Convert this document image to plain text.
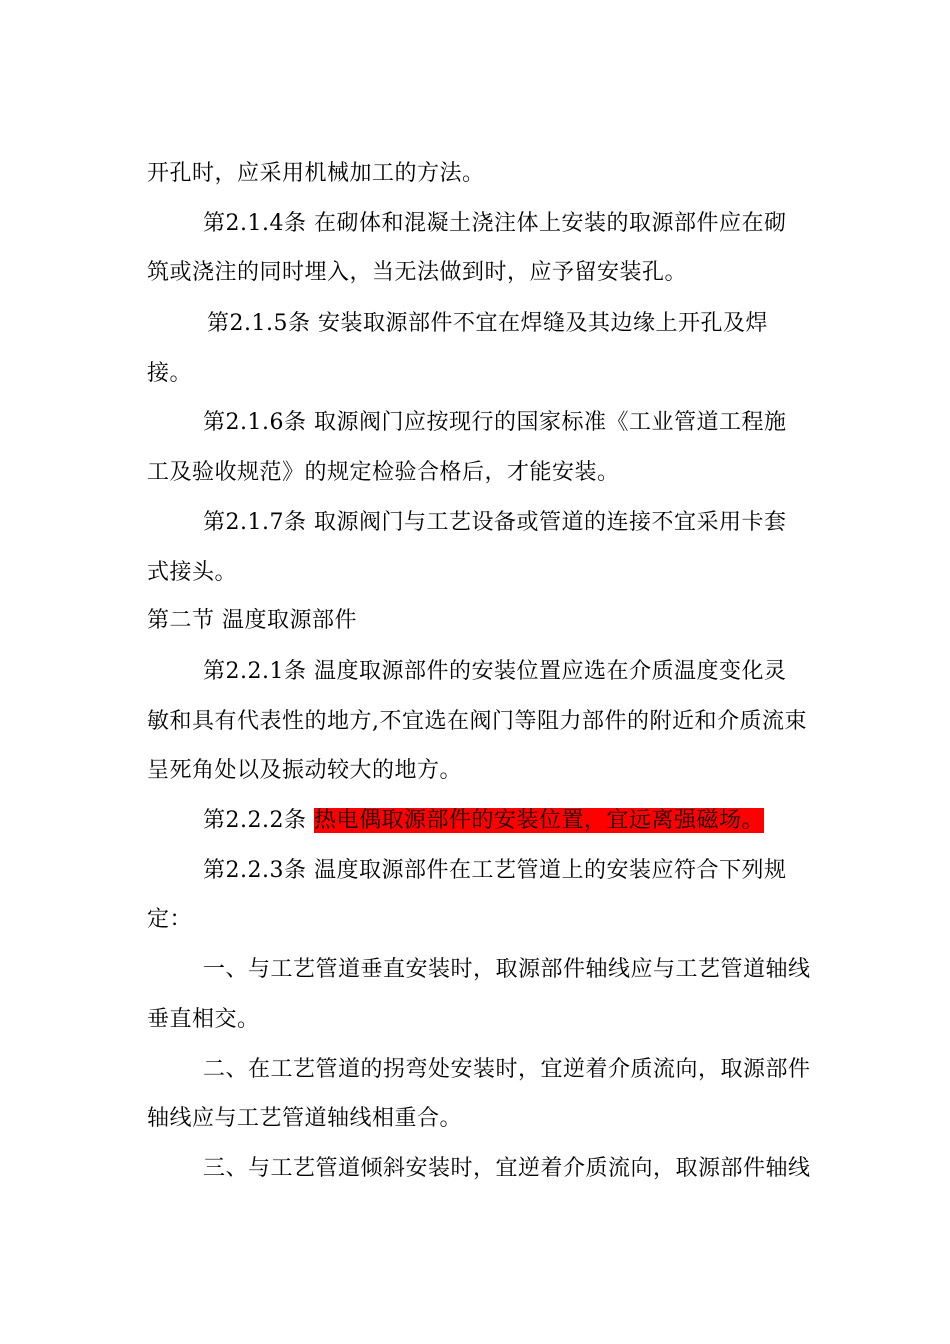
开孔时，应采用机械加工的方法。
第2.1.4条 在砌体和混凝土浇注体上安装的取源部件应在砌
筑或浇注的同时埋入，当无法做到时，应予留安装孔。
第2.1.5条 安装取源部件不宜在焊缝及其边缘上开孔及焊
接。
第2.1.6条 取源阀门应按现行的国家标准《工业管道工程施
工及验收规范》的规定检验合格后，才能安装。
第2.1.7条 取源阀门与工艺设备或管道的连接不宜采用卡套
式接头。
第二节 温度取源部件
第2.2.1条 温度取源部件的安装位置应选在介质温度变化灵
敏和具有代表性的地方,不宜选在阀门等阻力部件的附近和介质流束
呈死角处以及振动较大的地方。
第2.2.2条 热电偶取源部件的安装位置，宜远离强磁场。
第2.2.3条 温度取源部件在工艺管道上的安装应符合下列规
定：
一、与工艺管道垂直安装时，取源部件轴线应与工艺管道轴线
垂直相交。
二、在工艺管道的拐弯处安装时，宜逆着介质流向，取源部件
轴线应与工艺管道轴线相重合。
三、与工艺管道倾斜安装时，宜逆着介质流向，取源部件轴线
